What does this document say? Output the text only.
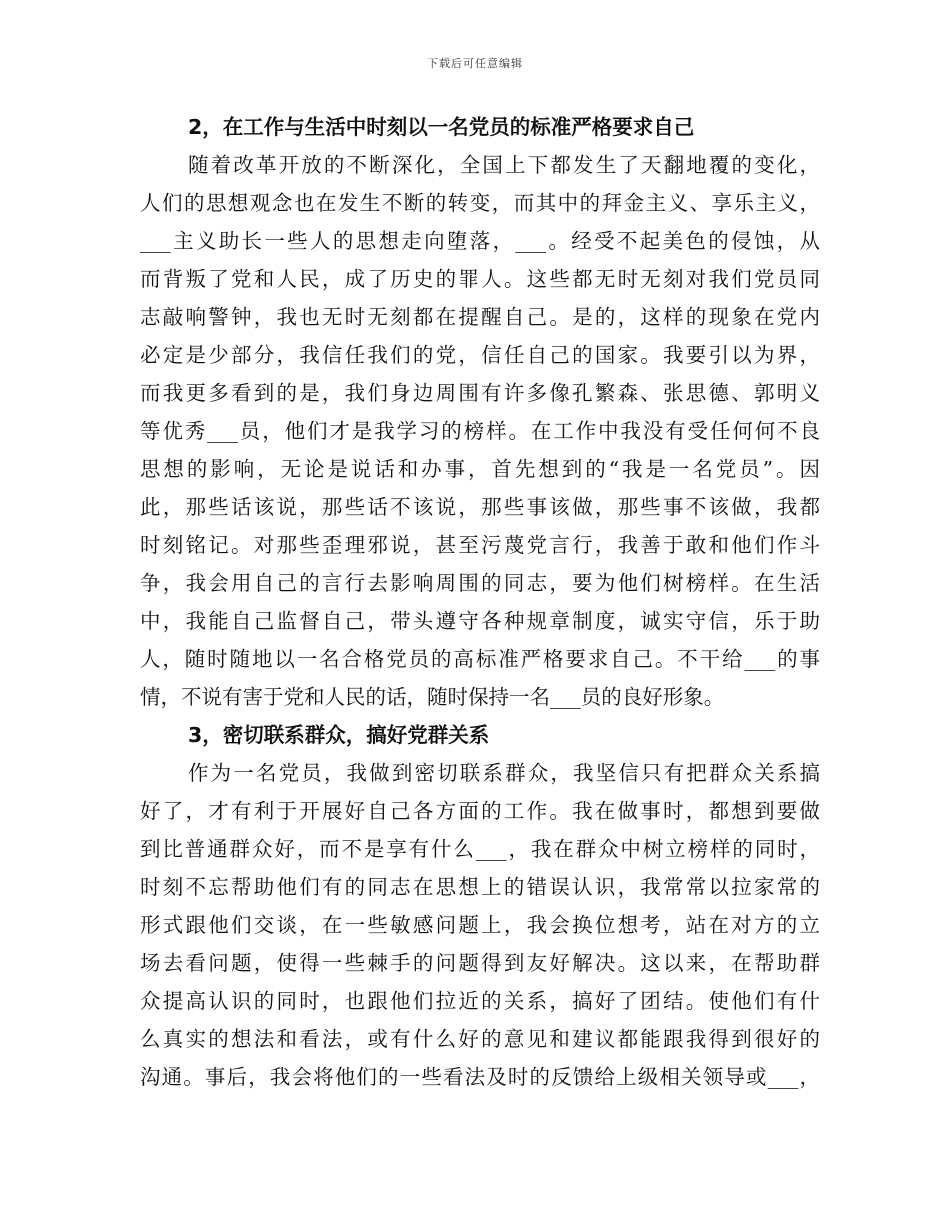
下载后可任意编辑
2，在工作与生活中时刻以一名党员的标准严格要求自己
随着改革开放的不断深化，全国上下都发生了天翻地覆的变化，
人们的思想观念也在发生不断的转变，而其中的拜金主义、享乐主义，
___主义助长一些人的思想走向堕落，___。经受不起美色的侵蚀，从
而背叛了党和人民，成了历史的罪人。这些都无时无刻对我们党员同
志敲响警钟，我也无时无刻都在提醒自己。是的，这样的现象在党内
必定是少部分，我信任我们的党，信任自己的国家。我要引以为界，
而我更多看到的是，我们身边周围有许多像孔繁森、张思德、郭明义
等优秀___员，他们才是我学习的榜样。在工作中我没有受任何何不良
思想的影响，无论是说话和办事，首先想到的“我是一名党员”。因
此，那些话该说，那些话不该说，那些事该做，那些事不该做，我都
时刻铭记。对那些歪理邪说，甚至污蔑党言行，我善于敢和他们作斗
争，我会用自己的言行去影响周围的同志，要为他们树榜样。在生活
中，我能自己监督自己，带头遵守各种规章制度，诚实守信，乐于助
人，随时随地以一名合格党员的高标准严格要求自己。不干给___的事
情，不说有害于党和人民的话，随时保持一名___员的良好形象。
3，密切联系群众，搞好党群关系
作为一名党员，我做到密切联系群众，我坚信只有把群众关系搞
好了，才有利于开展好自己各方面的工作。我在做事时，都想到要做
到比普通群众好，而不是享有什么___，我在群众中树立榜样的同时，
时刻不忘帮助他们有的同志在思想上的错误认识，我常常以拉家常的
形式跟他们交谈，在一些敏感问题上，我会换位想考，站在对方的立
场去看问题，使得一些棘手的问题得到友好解决。这以来，在帮助群
众提高认识的同时，也跟他们拉近的关系，搞好了团结。使他们有什
么真实的想法和看法，或有什么好的意见和建议都能跟我得到很好的
沟通。事后，我会将他们的一些看法及时的反馈给上级相关领导或___，
